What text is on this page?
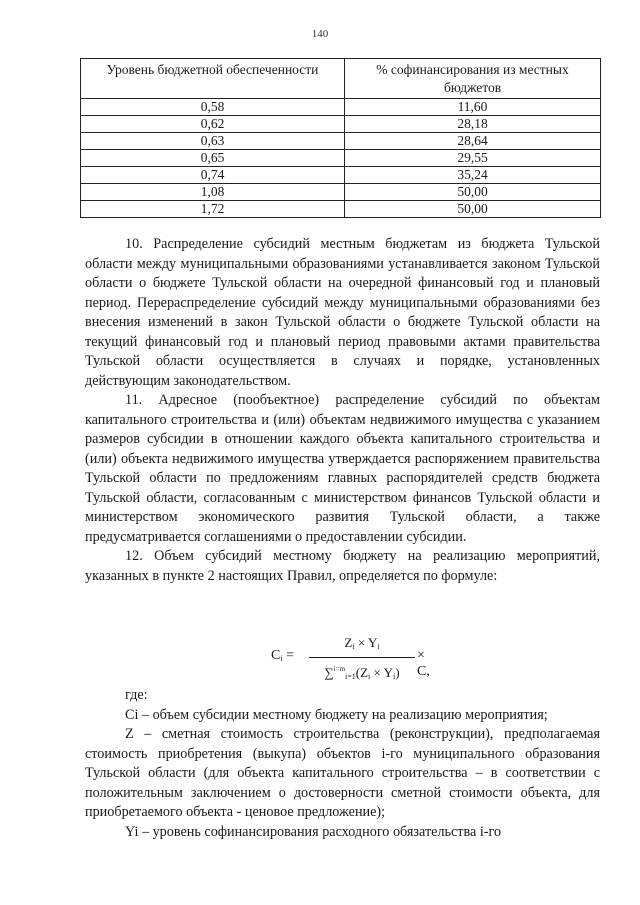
140
Уровень бюджетной обеспеченности	% софинансирования из местных бюджетов
0,58	11,60
0,62	28,18
0,63	28,64
0,65	29,55
0,74	35,24
1,08	50,00
1,72	50,00

10. Распределение субсидий местным бюджетам из бюджета Тульской области между муниципальными образованиями устанавливается законом Тульской области о бюджете Тульской области на очередной финансовый год и плановый период. Перераспределение субсидий между муниципальными образованиями без внесения изменений в закон Тульской области о бюджете Тульской области на текущий финансовый год и плановый период правовыми актами правительства Тульской области осуществляется в случаях и порядке, установленных действующим законодательством.

11. Адресное (пообъектное) распределение субсидий по объектам капитального строительства и (или) объектам недвижимого имущества с указанием размеров субсидии в отношении каждого объекта капитального строительства и (или) объекта недвижимого имущества утверждается распоряжением правительства Тульской области по предложениям главных распорядителей средств бюджета Тульской области, согласованным с министерством финансов Тульской области и министерством экономического развития Тульской области, а также предусматривается соглашениями о предоставлении субсидии.

12. Объем субсидий местному бюджету на реализацию мероприятий, указанных в пункте 2 настоящих Правил, определяется по формуле:

$C_i$ =
$Z_i \times Y_i$
$\sum^{i=m}_{i=1}(Z_i \times Y_i)$
× C,

где:

Ci – объем субсидии местному бюджету на реализацию мероприятия;

Z – сметная стоимость строительства (реконструкции), предполагаемая стоимость приобретения (выкупа) объектов i-го муниципального образования Тульской области (для объекта капитального строительства – в соответствии с положительным заключением о достоверности сметной стоимости объекта, для приобретаемого объекта - ценовое предложение);

Yi – уровень софинансирования расходного обязательства i-го
